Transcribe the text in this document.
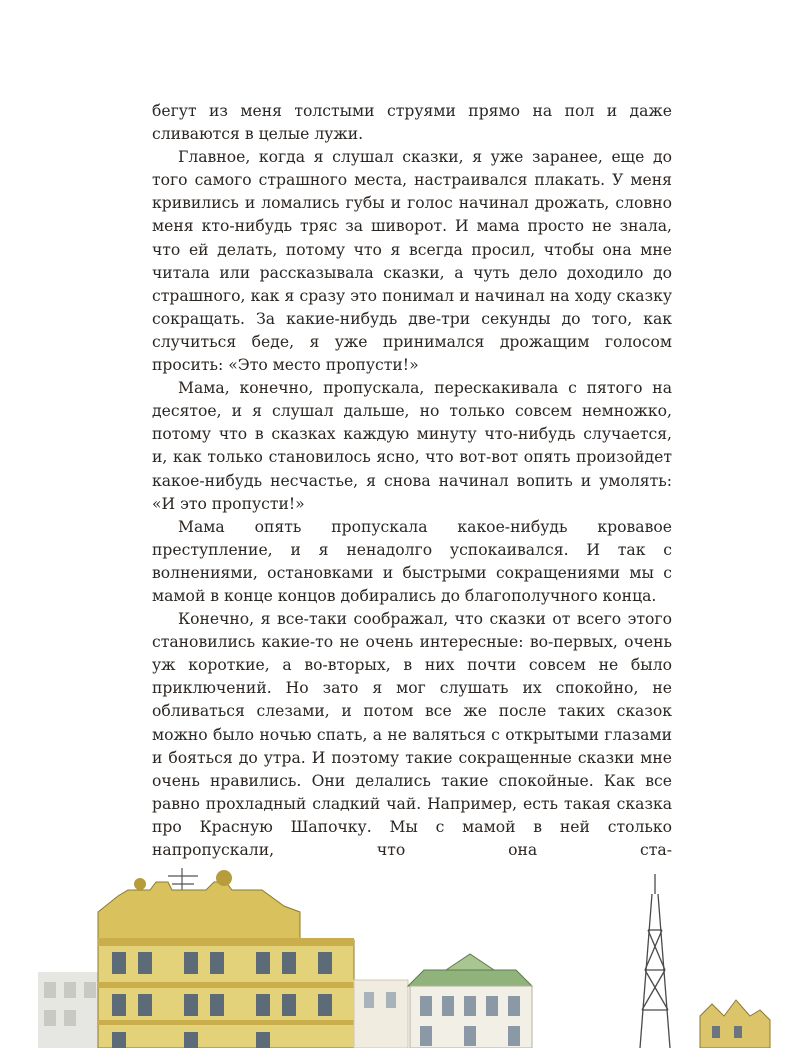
бегут из меня толстыми струями прямо на пол и даже сливаются в целые лужи.

Главное, когда я слушал сказки, я уже заранее, еще до того самого страшного места, настраивался плакать. У меня кривились и ломались губы и голос начинал дрожать, словно меня кто-нибудь тряс за шиворот. И мама просто не знала, что ей делать, потому что я всегда просил, чтобы она мне читала или рассказывала сказки, а чуть дело доходило до страшного, как я сразу это понимал и начинал на ходу сказку сокращать. За какие-нибудь две-три секунды до того, как случиться беде, я уже принимался дрожащим голосом просить: «Это место пропусти!»

Мама, конечно, пропускала, перескакивала с пятого на десятое, и я слушал дальше, но только совсем немножко, потому что в сказках каждую минуту что-нибудь случается, и, как только становилось ясно, что вот-вот опять произойдет какое-нибудь несчастье, я снова начинал вопить и умолять: «И это пропусти!»

Мама опять пропускала какое-нибудь кровавое преступление, и я ненадолго успокаивался. И так с волнениями, остановками и быстрыми сокращениями мы с мамой в конце концов добирались до благополучного конца.

Конечно, я все-таки соображал, что сказки от всего этого становились какие-то не очень интересные: во-первых, очень уж короткие, а во-вторых, в них почти совсем не было приключений. Но зато я мог слушать их спокойно, не обливаться слезами, и потом все же после таких сказок можно было ночью спать, а не валяться с открытыми глазами и бояться до утра. И поэтому такие сокращенные сказки мне очень нравились. Они делались такие спокойные. Как все равно прохладный сладкий чай. Например, есть такая сказка про Красную Шапочку. Мы с мамой в ней столько напропускали, что она ста-
